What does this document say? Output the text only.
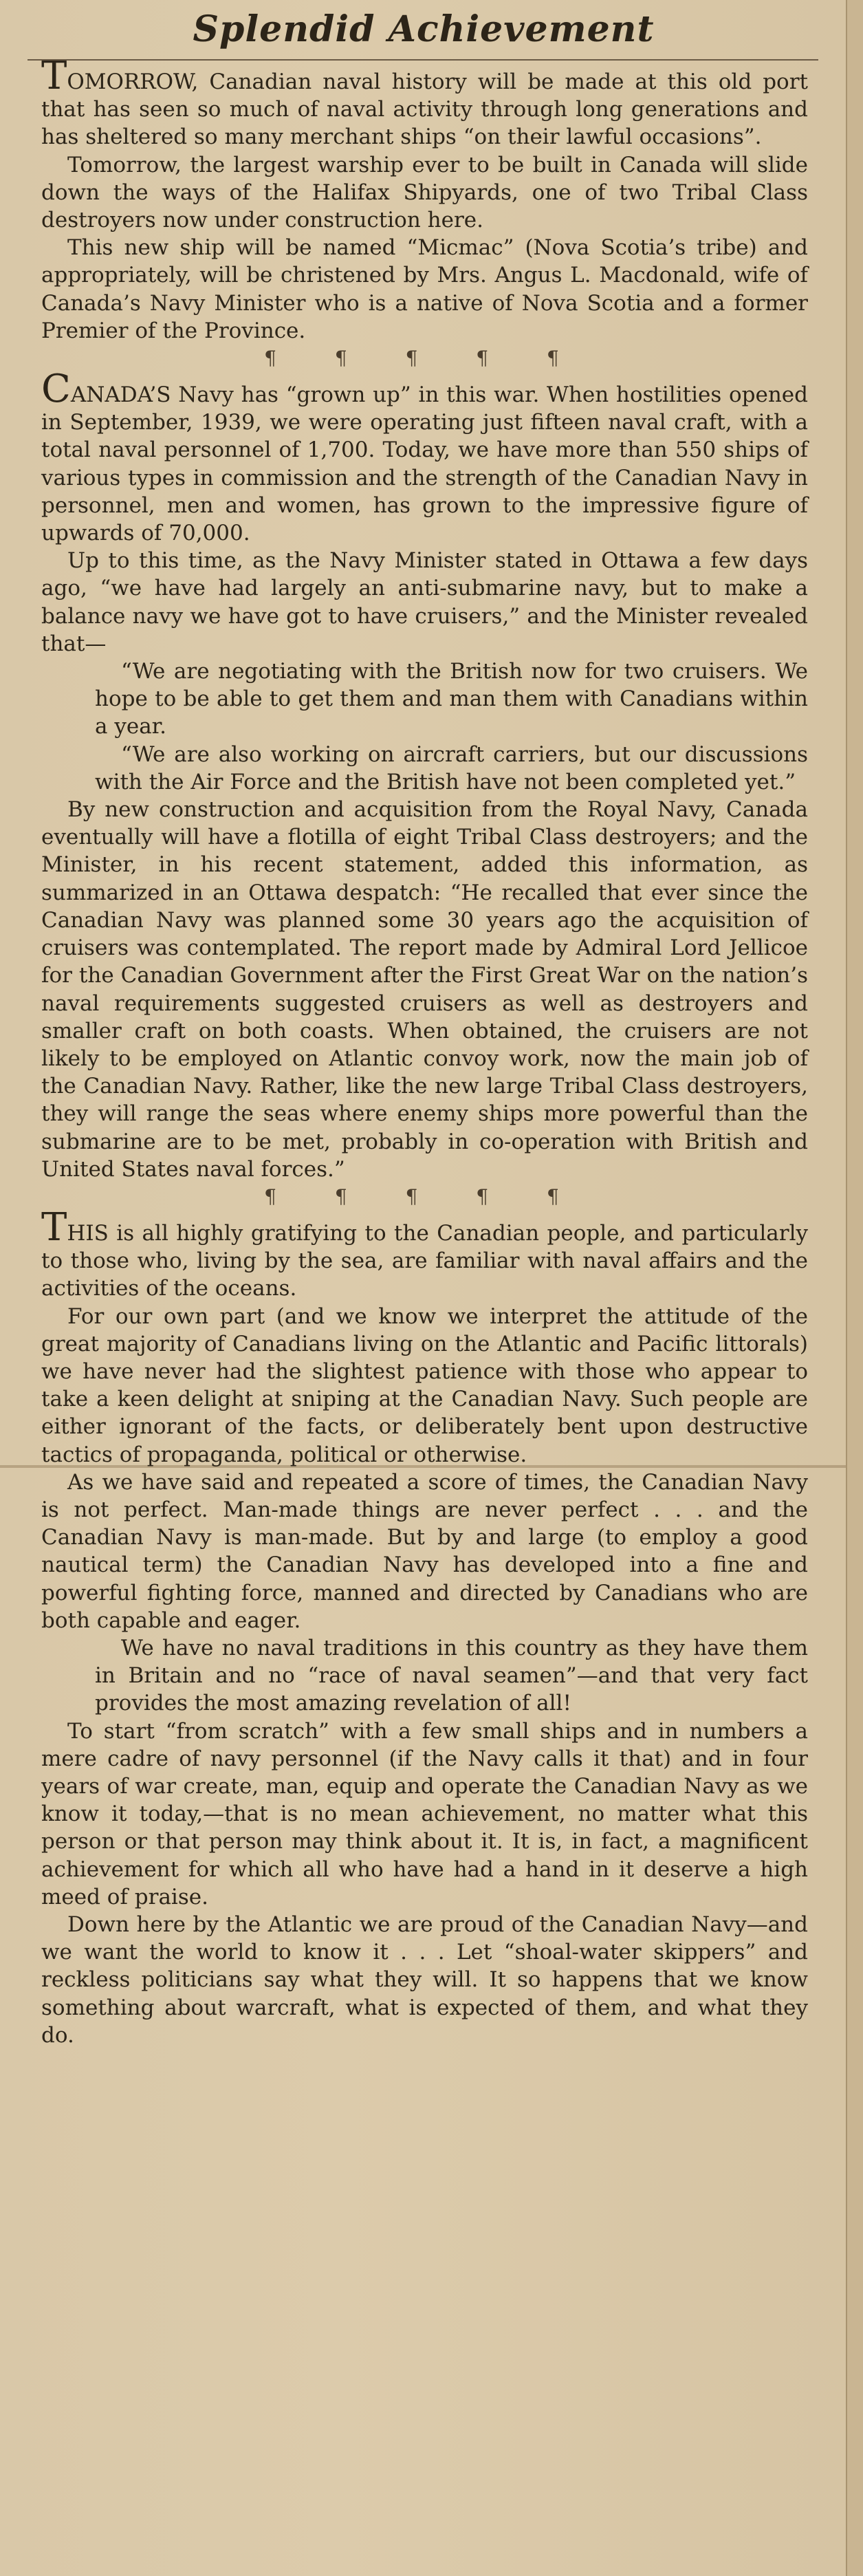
Splendid Achievement

TOMORROW, Canadian naval history will be made at this old port that has seen so much of naval activity through long generations and has sheltered so many merchant ships “on their lawful occasions”.

Tomorrow, the largest warship ever to be built in Canada will slide down the ways of the Halifax Shipyards, one of two Tribal Class destroyers now under construction here.

This new ship will be named “Micmac” (Nova Scotia’s tribe) and appropriately, will be christened by Mrs. Angus L. Macdonald, wife of Canada’s Navy Minister who is a native of Nova Scotia and a former Premier of the Province.

¶ ¶ ¶ ¶ ¶

CANADA’S Navy has “grown up” in this war. When hostilities opened in September, 1939, we were operating just fifteen naval craft, with a total naval personnel of 1,700. Today, we have more than 550 ships of various types in commission and the strength of the Canadian Navy in personnel, men and women, has grown to the impressive figure of upwards of 70,000.

Up to this time, as the Navy Minister stated in Ottawa a few days ago, “we have had largely an anti-submarine navy, but to make a balance navy we have got to have cruisers,” and the Minister revealed that—

“We are negotiating with the British now for two cruisers. We hope to be able to get them and man them with Canadians within a year.

“We are also working on aircraft carriers, but our discussions with the Air Force and the British have not been completed yet.”

By new construction and acquisition from the Royal Navy, Canada eventually will have a flotilla of eight Tribal Class destroyers; and the Minister, in his recent statement, added this information, as summarized in an Ottawa despatch: “He recalled that ever since the Canadian Navy was planned some 30 years ago the acquisition of cruisers was contemplated. The report made by Admiral Lord Jellicoe for the Canadian Government after the First Great War on the nation’s naval requirements suggested cruisers as well as destroyers and smaller craft on both coasts. When obtained, the cruisers are not likely to be employed on Atlantic convoy work, now the main job of the Canadian Navy. Rather, like the new large Tribal Class destroyers, they will range the seas where enemy ships more powerful than the submarine are to be met, probably in co-operation with British and United States naval forces.”

¶ ¶ ¶ ¶ ¶

THIS is all highly gratifying to the Canadian people, and particularly to those who, living by the sea, are familiar with naval affairs and the activities of the oceans.

For our own part (and we know we interpret the attitude of the great majority of Canadians living on the Atlantic and Pacific littorals) we have never had the slightest patience with those who appear to take a keen delight at sniping at the Canadian Navy. Such people are either ignorant of the facts, or deliberately bent upon destructive tactics of propaganda, political or otherwise.

As we have said and repeated a score of times, the Canadian Navy is not perfect. Man-made things are never perfect . . . and the Canadian Navy is man-made. But by and large (to employ a good nautical term) the Canadian Navy has developed into a fine and powerful fighting force, manned and directed by Canadians who are both capable and eager.

We have no naval traditions in this country as they have them in Britain and no “race of naval seamen”—and that very fact provides the most amazing revelation of all!

To start “from scratch” with a few small ships and in numbers a mere cadre of navy personnel (if the Navy calls it that) and in four years of war create, man, equip and operate the Canadian Navy as we know it today,—that is no mean achievement, no matter what this person or that person may think about it. It is, in fact, a magnificent achievement for which all who have had a hand in it deserve a high meed of praise.

Down here by the Atlantic we are proud of the Canadian Navy—and we want the world to know it . . . Let “shoal-water skippers” and reckless politicians say what they will. It so happens that we know something about warcraft, what is expected of them, and what they do.
